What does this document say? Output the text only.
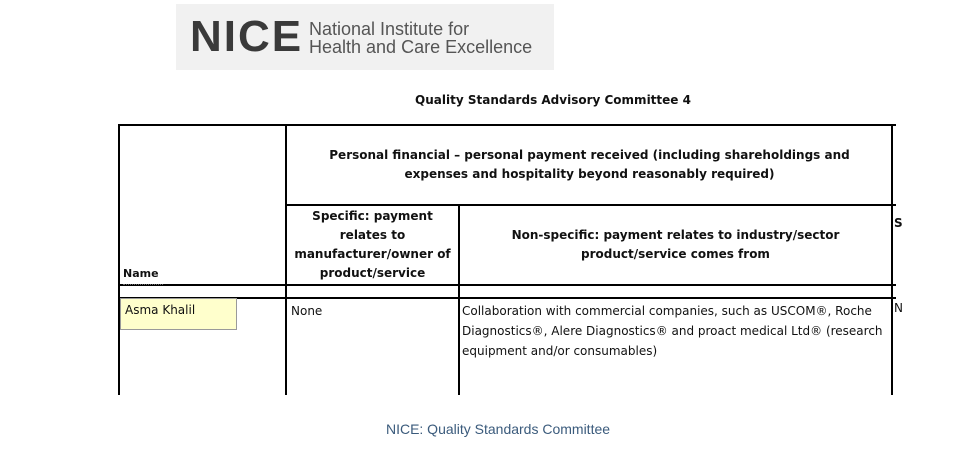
NICE National Institute for
Health and Care Excellence
Quality Standards Advisory Committee 4
Personal financial – personal payment received (including shareholdings and expenses and hospitality beyond reasonably required)
Name
Specific: payment relates to manufacturer/owner of product/service
Non-specific: payment relates to industry/sector product/service comes from
S
Asma Khalil	None	Collaboration with commercial companies, such as USCOM®, Roche Diagnostics®, Alere Diagnostics® and proact medical Ltd® (research equipment and/or consumables)
N
NICE: Quality Standards Committee
